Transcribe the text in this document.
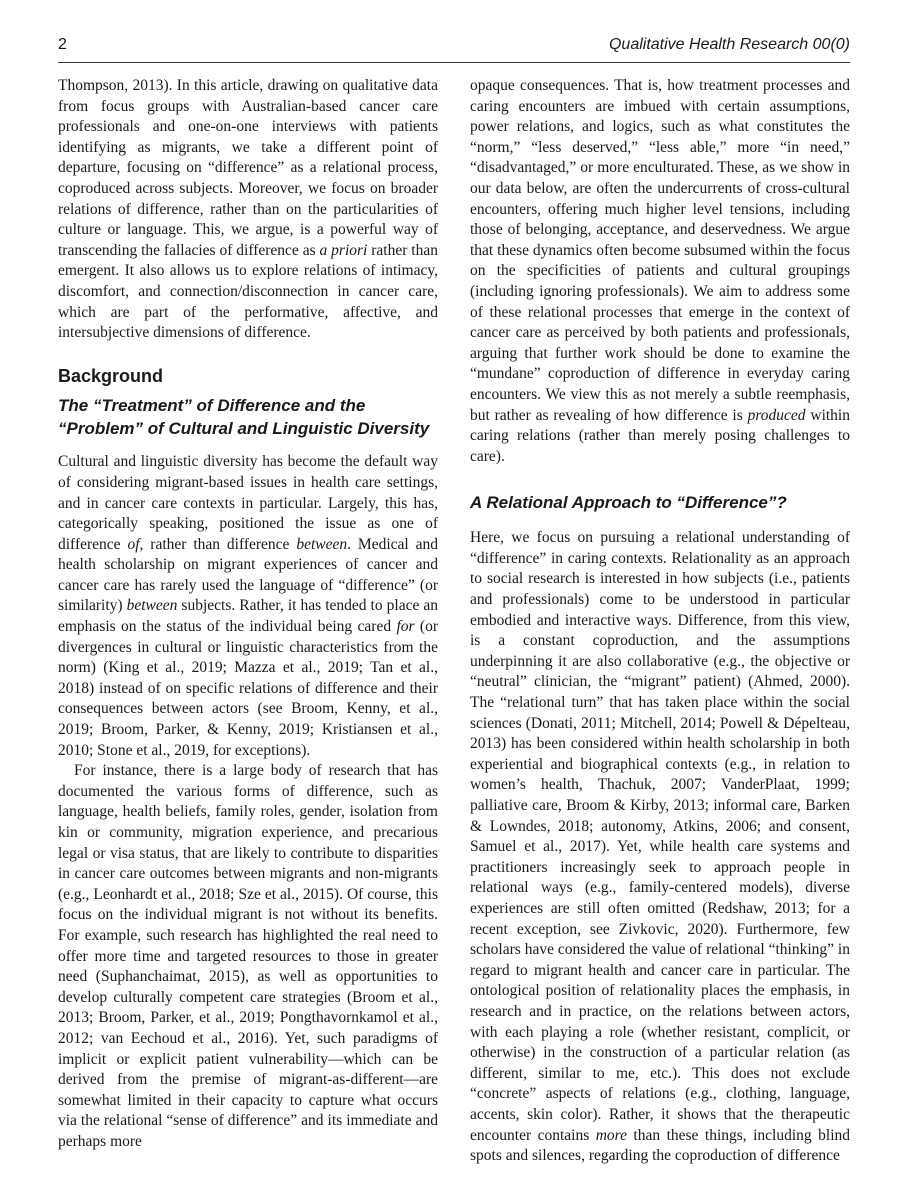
2	Qualitative Health Research 00(0)

Thompson, 2013). In this article, drawing on qualitative data from focus groups with Australian-based cancer care professionals and one-on-one interviews with patients identifying as migrants, we take a different point of departure, focusing on “difference” as a relational process, coproduced across subjects. Moreover, we focus on broader relations of difference, rather than on the particularities of culture or language. This, we argue, is a powerful way of transcending the fallacies of difference as a priori rather than emergent. It also allows us to explore relations of intimacy, discomfort, and connection/disconnection in cancer care, which are part of the performative, affective, and intersubjective dimensions of difference.

Background
The “Treatment” of Difference and the “Problem” of Cultural and Linguistic Diversity

Cultural and linguistic diversity has become the default way of considering migrant-based issues in health care settings, and in cancer care contexts in particular. Largely, this has, categorically speaking, positioned the issue as one of difference of, rather than difference between. Medical and health scholarship on migrant experiences of cancer and cancer care has rarely used the language of “difference” (or similarity) between subjects. Rather, it has tended to place an emphasis on the status of the individual being cared for (or divergences in cultural or linguistic characteristics from the norm) (King et al., 2019; Mazza et al., 2019; Tan et al., 2018) instead of on specific relations of difference and their consequences between actors (see Broom, Kenny, et al., 2019; Broom, Parker, & Kenny, 2019; Kristiansen et al., 2010; Stone et al., 2019, for exceptions).

For instance, there is a large body of research that has documented the various forms of difference, such as language, health beliefs, family roles, gender, isolation from kin or community, migration experience, and precarious legal or visa status, that are likely to contribute to disparities in cancer care outcomes between migrants and non-migrants (e.g., Leonhardt et al., 2018; Sze et al., 2015). Of course, this focus on the individual migrant is not without its benefits. For example, such research has highlighted the real need to offer more time and targeted resources to those in greater need (Suphanchaimat, 2015), as well as opportunities to develop culturally competent care strategies (Broom et al., 2013; Broom, Parker, et al., 2019; Pongthavornkamol et al., 2012; van Eechoud et al., 2016). Yet, such paradigms of implicit or explicit patient vulnerability—which can be derived from the premise of migrant-as-different—are somewhat limited in their capacity to capture what occurs via the relational “sense of difference” and its immediate and perhaps more

opaque consequences. That is, how treatment processes and caring encounters are imbued with certain assumptions, power relations, and logics, such as what constitutes the “norm,” “less deserved,” “less able,” more “in need,” “disadvantaged,” or more enculturated. These, as we show in our data below, are often the undercurrents of cross-cultural encounters, offering much higher level tensions, including those of belonging, acceptance, and deservedness. We argue that these dynamics often become subsumed within the focus on the specificities of patients and cultural groupings (including ignoring professionals). We aim to address some of these relational processes that emerge in the context of cancer care as perceived by both patients and professionals, arguing that further work should be done to examine the “mundane” coproduction of difference in everyday caring encounters. We view this as not merely a subtle reemphasis, but rather as revealing of how difference is produced within caring relations (rather than merely posing challenges to care).

A Relational Approach to “Difference”?

Here, we focus on pursuing a relational understanding of “difference” in caring contexts. Relationality as an approach to social research is interested in how subjects (i.e., patients and professionals) come to be understood in particular embodied and interactive ways. Difference, from this view, is a constant coproduction, and the assumptions underpinning it are also collaborative (e.g., the objective or “neutral” clinician, the “migrant” patient) (Ahmed, 2000). The “relational turn” that has taken place within the social sciences (Donati, 2011; Mitchell, 2014; Powell & Dépelteau, 2013) has been considered within health scholarship in both experiential and biographical contexts (e.g., in relation to women’s health, Thachuk, 2007; VanderPlaat, 1999; palliative care, Broom & Kirby, 2013; informal care, Barken & Lowndes, 2018; autonomy, Atkins, 2006; and consent, Samuel et al., 2017). Yet, while health care systems and practitioners increasingly seek to approach people in relational ways (e.g., family-centered models), diverse experiences are still often omitted (Redshaw, 2013; for a recent exception, see Zivkovic, 2020). Furthermore, few scholars have considered the value of relational “thinking” in regard to migrant health and cancer care in particular. The ontological position of relationality places the emphasis, in research and in practice, on the relations between actors, with each playing a role (whether resistant, complicit, or otherwise) in the construction of a particular relation (as different, similar to me, etc.). This does not exclude “concrete” aspects of relations (e.g., clothing, language, accents, skin color). Rather, it shows that the therapeutic encounter contains more than these things, including blind spots and silences, regarding the coproduction of difference
